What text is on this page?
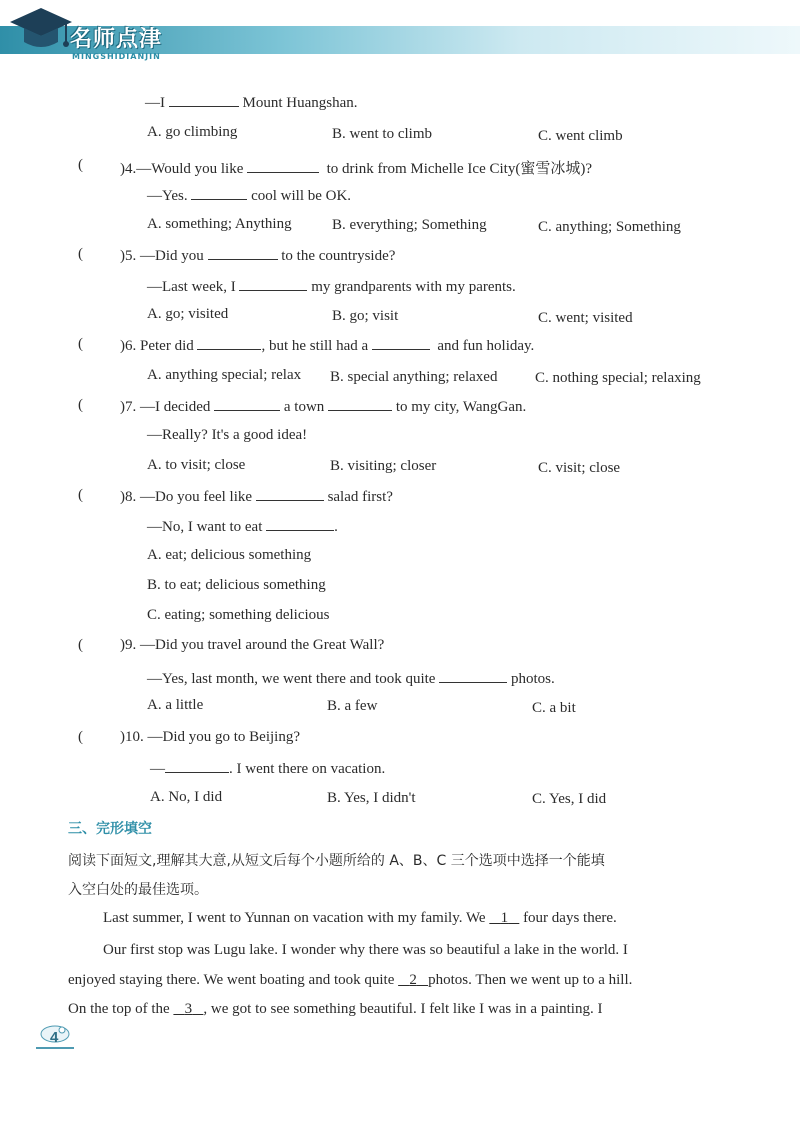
名师点津
MINGSHIDIANJIN
—I	Mount Huangshan.
A. go climbing	B. went to climb	C. went climb
( )4.—Would you like	to drink from Michelle Ice City(蜜雪冰城)?
—Yes.	cool will be OK.
A. something; Anything	B. everything; Something	C. anything; Something
( )5. —Did you	to the countryside?
—Last week, I	my grandparents with my parents.
A. go; visited	B. go; visit	C. went; visited
( )6. Peter did	, but he still had a	and fun holiday.
A. anything special; relax B. special anything; relaxed	C. nothing special; relaxing
( )7. —I decided	a town	to my city, WangGan.
—Really? It's a good idea!
A. to visit; close	B. visiting; closer	C. visit; close
( )8. —Do you feel like	salad first?
—No, I want to eat	.
A. eat; delicious something
B. to eat; delicious something
C. eating; something delicious
( )9. —Did you travel around the Great Wall?
—Yes, last month, we went there and took quite	photos.
A. a little	B. a few	C. a bit
( )10. —Did you go to Beijing?
—	. I went there on vacation.
A. No, I did	B. Yes, I didn't	C. Yes, I did
三、完形填空
阅读下面短文,理解其大意,从短文后每个小题所给的 A、B、C 三个选项中选择一个能填
入空白处的最佳选项。
Last summer, I went to Yunnan on vacation with my family. We 1 four days there.
Our first stop was Lugu lake. I wonder why there was so beautiful a lake in the world. I
enjoyed staying there. We went boating and took quite 2 photos. Then we went up to a hill.
On the top of the 3 , we got to see something beautiful. I felt like I was in a painting. I
4
